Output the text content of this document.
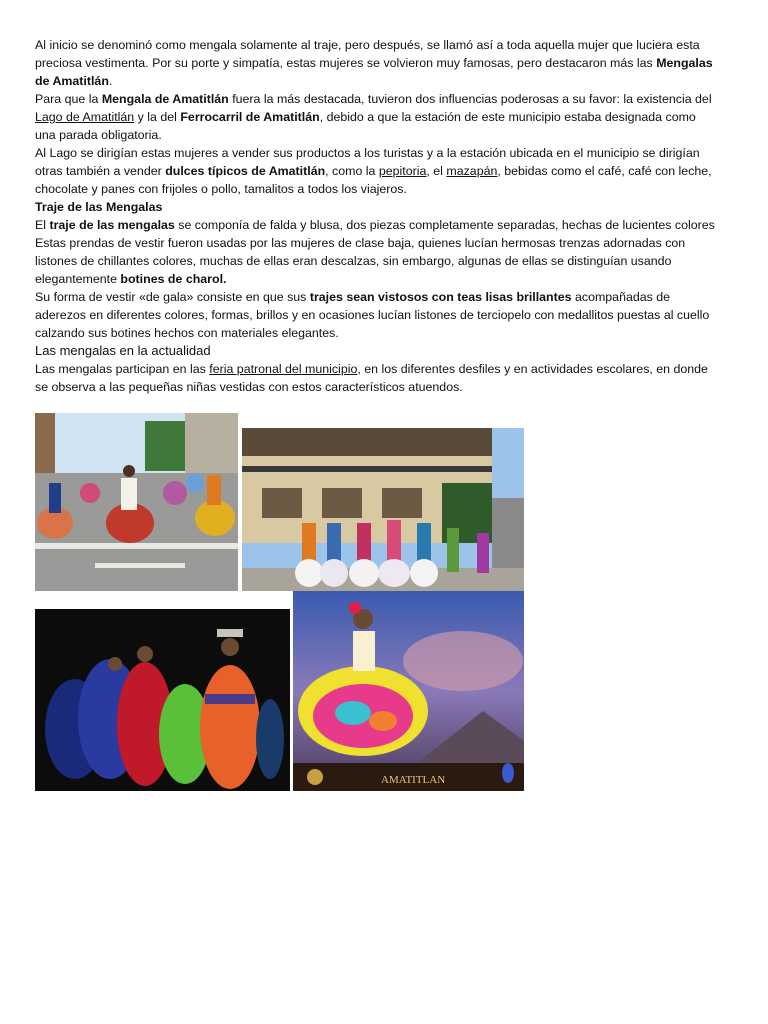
Al inicio se denominó como mengala solamente al traje, pero después, se llamó así a toda aquella mujer que luciera esta preciosa vestimenta. Por su porte y simpatía, estas mujeres se volvieron muy famosas, pero destacaron más las Mengalas de Amatitlán.

Para que la Mengala de Amatitlán fuera la más destacada, tuvieron dos influencias poderosas a su favor: la existencia del Lago de Amatitlán y la del Ferrocarril de Amatitlán, debido a que la estación de este municipio estaba designada como una parada obligatoria.

Al Lago se dirigían estas mujeres a vender sus productos a los turistas y a la estación ubicada en el municipio se dirigían otras también a vender dulces típicos de Amatitlán, como la pepitoria, el mazapán, bebidas como el café, café con leche, chocolate y panes con frijoles o pollo, tamalitos a todos los viajeros.

Traje de las Mengalas

El traje de las mengalas se componía de falda y blusa, dos piezas completamente separadas, hechas de lucientes colores

Estas prendas de vestir fueron usadas por las mujeres de clase baja, quienes lucían hermosas trenzas adornadas con listones de chillantes colores, muchas de ellas eran descalzas, sin embargo, algunas de ellas se distinguían usando elegantemente botines de charol.

Su forma de vestir «de gala» consiste en que sus trajes sean vistosos con teas lisas brillantes acompañadas de aderezos en diferentes colores, formas, brillos y en ocasiones lucían listones de terciopelo con medallitos puestas al cuello calzando sus botines hechos con materiales elegantes.

Las mengalas en la actualidad

Las mengalas participan en las feria patronal del municipio, en los diferentes desfiles y en actividades escolares, en donde se observa a las pequeñas niñas vestidas con estos característicos atuendos.

AMATITLAN
